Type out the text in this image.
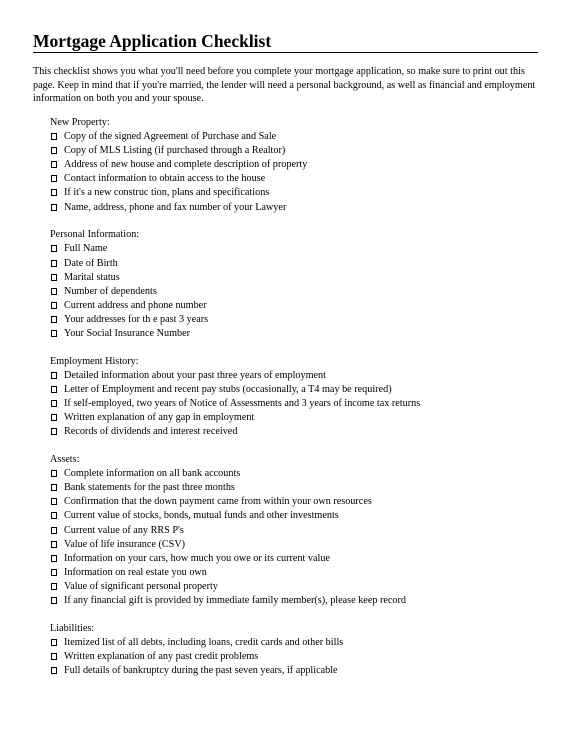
Mortgage Application Checklist

This checklist shows you what you'll need before you complete your mortgage application, so make sure to print out this page. Keep in mind that if you're married, the lender will need a personal background, as well as financial and employment information on both you and your spouse.

New Property:
Copy of the signed Agreement of Purchase and Sale
Copy of MLS Listing (if purchased through a Realtor)
Address of new house and complete description of property
Contact information to obtain access to the house
If it's a new construc tion, plans and specifications
Name, address, phone and fax number of your Lawyer
Personal Information:
Full Name
Date of Birth
Marital status
Number of dependents
Current address and phone number
Your addresses for th e past 3 years
Your Social Insurance Number
Employment History:
Detailed information about your past three years of employment
Letter of Employment and recent pay stubs (occasionally, a T4 may be required)
If self-employed, two years of Notice of Assessments and 3 years of income tax returns
Written explanation of any gap in employment
Records of dividends and interest received
Assets:
Complete information on all bank accounts
Bank statements for the past three months
Confirmation that the down payment came from within your own resources
Current value of stocks, bonds, mutual funds and other investments
Current value of any RRS P's
Value of life insurance (CSV)
Information on your cars, how much you owe or its current value
Information on real estate you own
Value of significant personal property
If any financial gift is provided by immediate family member(s), please keep record
Liabilities:
Itemized list of all debts, including loans, credit cards and other bills
Written explanation of any past credit problems
Full details of bankruptcy during the past seven years, if applicable
